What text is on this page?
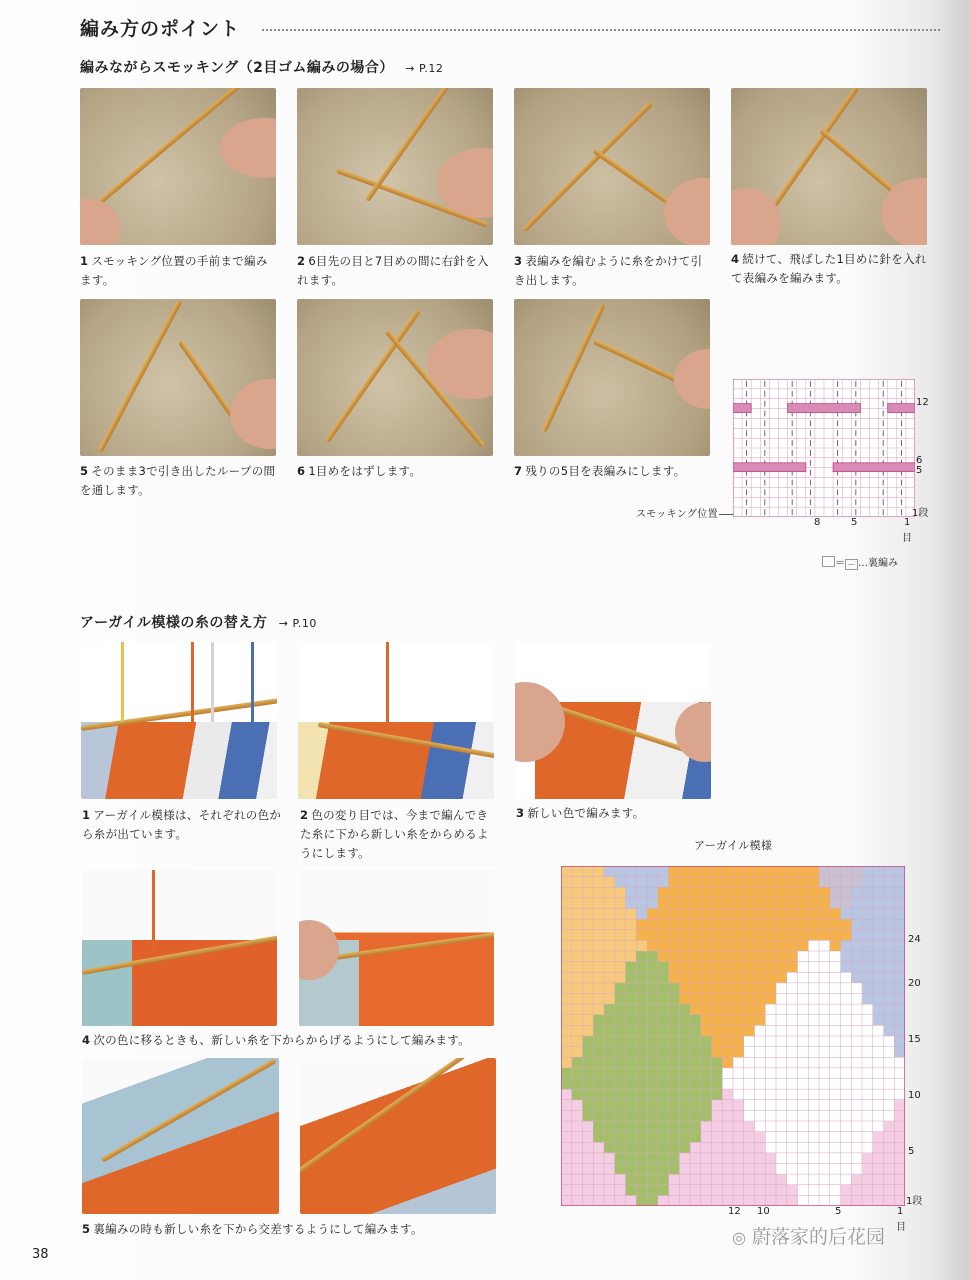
編み方のポイント
編みながらスモッキング（2目ゴム編みの場合） → P.12
1 スモッキング位置の手前まで編みます。
2 6目先の目と7目めの間に右針を入れます。
3 表編みを編むように糸をかけて引き出します。
4 続けて、飛ばした1目めに針を入れて表編みを編みます。
5 そのまま3で引き出したループの間を通します。
6 1目めをはずします。	7 残りの5目を表編みにします。
スモッキング位置
12
6
5
1段
8	5	1
目
＝ － …裏編み
アーガイル模様の糸の替え方 → P.10
1 アーガイル模様は、それぞれの色から糸が出ています。
2 色の変り目では、今まで編んできた糸に下から新しい糸をからめるようにします。
3 新しい色で編みます。
4 次の色に移るときも、新しい糸を下からからげるようにして編みます。
5 裏編みの時も新しい糸を下から交差するようにして編みます。
アーガイル模様
24
20
15
10
5
1段
12 10	5	1
目
38
◎ 蔚落家的后花园
